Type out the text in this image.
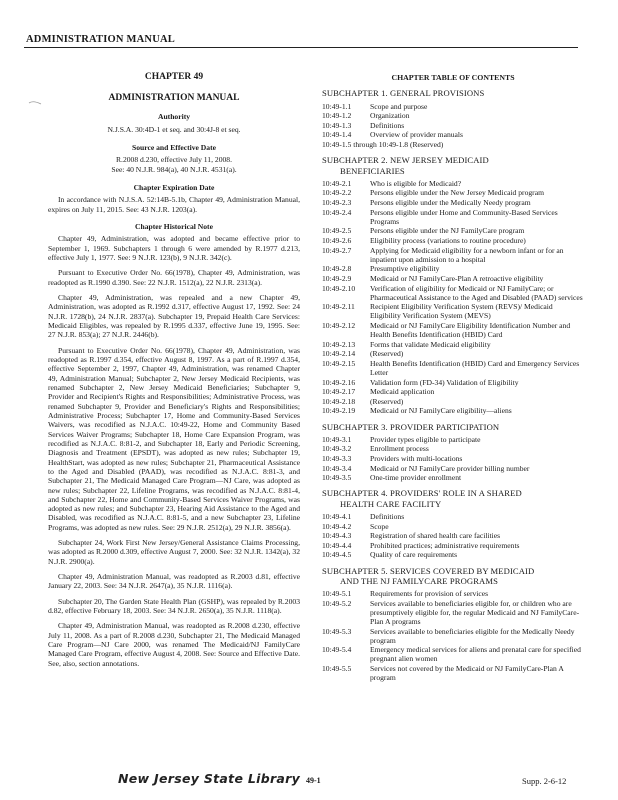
ADMINISTRATION MANUAL
CHAPTER 49
ADMINISTRATION MANUAL
Authority
N.J.S.A. 30:4D-1 et seq. and 30:4J-8 et seq.
Source and Effective Date
R.2008 d.230, effective July 11, 2008.
See: 40 N.J.R. 984(a), 40 N.J.R. 4531(a).
Chapter Expiration Date
In accordance with N.J.S.A. 52:14B-5.1b, Chapter 49, Administration Manual, expires on July 11, 2015. See: 43 N.J.R. 1203(a).
Chapter Historical Note

Chapter 49, Administration, was adopted and became effective prior to September 1, 1969. Subchapters 1 through 6 were amended by R.1977 d.213, effective July 1, 1977. See: 9 N.J.R. 123(b), 9 N.J.R. 342(c).

Pursuant to Executive Order No. 66(1978), Chapter 49, Administration, was readopted as R.1990 d.390. See: 22 N.J.R. 1512(a), 22 N.J.R. 2313(a).

Chapter 49, Administration, was repealed and a new Chapter 49, Administration, was adopted as R.1992 d.317, effective August 17, 1992. See: 24 N.J.R. 1728(b), 24 N.J.R. 2837(a). Subchapter 19, Prepaid Health Care Services: Medicaid Eligibles, was repealed by R.1995 d.337, effective June 19, 1995. See: 27 N.J.R. 853(a); 27 N.J.R. 2446(b).

Pursuant to Executive Order No. 66(1978), Chapter 49, Administration, was readopted as R.1997 d.354, effective August 8, 1997. As a part of R.1997 d.354, effective September 2, 1997, Chapter 49, Administration, was renamed Chapter 49, Administration Manual; Subchapter 2, New Jersey Medicaid Recipients, was renamed Subchapter 2, New Jersey Medicaid Beneficiaries; Subchapter 9, Provider and Recipient's Rights and Responsibilities; Administrative Process, was renamed Subchapter 9, Provider and Beneficiary's Rights and Responsibilities; Administrative Process; Subchapter 17, Home and Community-Based Services Waivers, was recodified as N.J.A.C. 10:49-22, Home and Community Based Services Waiver Programs; Subchapter 18, Home Care Expansion Program, was recodified as N.J.A.C. 8:81-2, and Subchapter 18, Early and Periodic Screening, Diagnosis and Treatment (EPSDT), was adopted as new rules; Subchapter 19, HealthStart, was adopted as new rules; Subchapter 21, Pharmaceutical Assistance to the Aged and Disabled (PAAD), was recodified as N.J.A.C. 8:81-3, and Subchapter 21, The Medicaid Managed Care Program—NJ Care, was adopted as new rules; Subchapter 22, Lifeline Programs, was recodified as N.J.A.C. 8:81-4, and Subchapter 22, Home and Community-Based Services Waiver Programs, was adopted as new rules; and Subchapter 23, Hearing Aid Assistance to the Aged and Disabled, was recodified as N.J.A.C. 8:81-5, and a new Subchapter 23, Lifeline Programs, was adopted as new rules. See: 29 N.J.R. 2512(a), 29 N.J.R. 3856(a).

Subchapter 24, Work First New Jersey/General Assistance Claims Processing, was adopted as R.2000 d.309, effective August 7, 2000. See: 32 N.J.R. 1342(a), 32 N.J.R. 2900(a).

Chapter 49, Administration Manual, was readopted as R.2003 d.81, effective January 22, 2003. See: 34 N.J.R. 2647(a), 35 N.J.R. 1116(a).

Subchapter 20, The Garden State Health Plan (GSHP), was repealed by R.2003 d.82, effective February 18, 2003. See: 34 N.J.R. 2650(a), 35 N.J.R. 1118(a).

Chapter 49, Administration Manual, was readopted as R.2008 d.230, effective July 11, 2008. As a part of R.2008 d.230, Subchapter 21, The Medicaid Managed Care Program—NJ Care 2000, was renamed The Medicaid/NJ FamilyCare Managed Care Program, effective August 4, 2008. See: Source and Effective Date. See, also, section annotations.

CHAPTER TABLE OF CONTENTS
SUBCHAPTER 1. GENERAL PROVISIONS
10:49-1.1	Scope and purpose
10:49-1.2	Organization
10:49-1.3	Definitions
10:49-1.4	Overview of provider manuals
10:49-1.5 through 10:49-1.8 (Reserved)
SUBCHAPTER 2. NEW JERSEY MEDICAID
BENEFICIARIES
10:49-2.1	Who is eligible for Medicaid?
10:49-2.2	Persons eligible under the New Jersey Medicaid program
10:49-2.3	Persons eligible under the Medically Needy program
10:49-2.4	Persons eligible under Home and Community-Based Services Programs
10:49-2.5	Persons eligible under the NJ FamilyCare program
10:49-2.6	Eligibility process (variations to routine procedure)
10:49-2.7	Applying for Medicaid eligibility for a newborn infant or for an inpatient upon admission to a hospital
10:49-2.8	Presumptive eligibility
10:49-2.9	Medicaid or NJ FamilyCare-Plan A retroactive eligibility
10:49-2.10	Verification of eligibility for Medicaid or NJ FamilyCare; or Pharmaceutical Assistance to the Aged and Disabled (PAAD) services
10:49-2.11	Recipient Eligibility Verification System (REVS)/ Medicaid Eligibility Verification System (MEVS)
10:49-2.12	Medicaid or NJ FamilyCare Eligibility Identification Number and Health Benefits Identification (HBID) Card
10:49-2.13	Forms that validate Medicaid eligibility
10:49-2.14	(Reserved)
10:49-2.15	Health Benefits Identification (HBID) Card and Emergency Services Letter
10:49-2.16	Validation form (FD-34) Validation of Eligibility
10:49-2.17	Medicaid application
10:49-2.18	(Reserved)
10:49-2.19	Medicaid or NJ FamilyCare eligibility—aliens
SUBCHAPTER 3. PROVIDER PARTICIPATION
10:49-3.1	Provider types eligible to participate
10:49-3.2	Enrollment process
10:49-3.3	Providers with multi-locations
10:49-3.4	Medicaid or NJ FamilyCare provider billing number
10:49-3.5	One-time provider enrollment
SUBCHAPTER 4. PROVIDERS' ROLE IN A SHARED
HEALTH CARE FACILITY
10:49-4.1	Definitions
10:49-4.2	Scope
10:49-4.3	Registration of shared health care facilities
10:49-4.4	Prohibited practices; administrative requirements
10:49-4.5	Quality of care requirements
SUBCHAPTER 5. SERVICES COVERED BY MEDICAID
AND THE NJ FAMILYCARE PROGRAMS
10:49-5.1	Requirements for provision of services
10:49-5.2	Services available to beneficiaries eligible for, or children who are presumptively eligible for, the regular Medicaid and NJ FamilyCare-Plan A programs
10:49-5.3	Services available to beneficiaries eligible for the Medically Needy program
10:49-5.4	Emergency medical services for aliens and prenatal care for specified pregnant alien women
10:49-5.5	Services not covered by the Medicaid or NJ FamilyCare-Plan A program
New Jersey State Library 49-1	Supp. 2-6-12
